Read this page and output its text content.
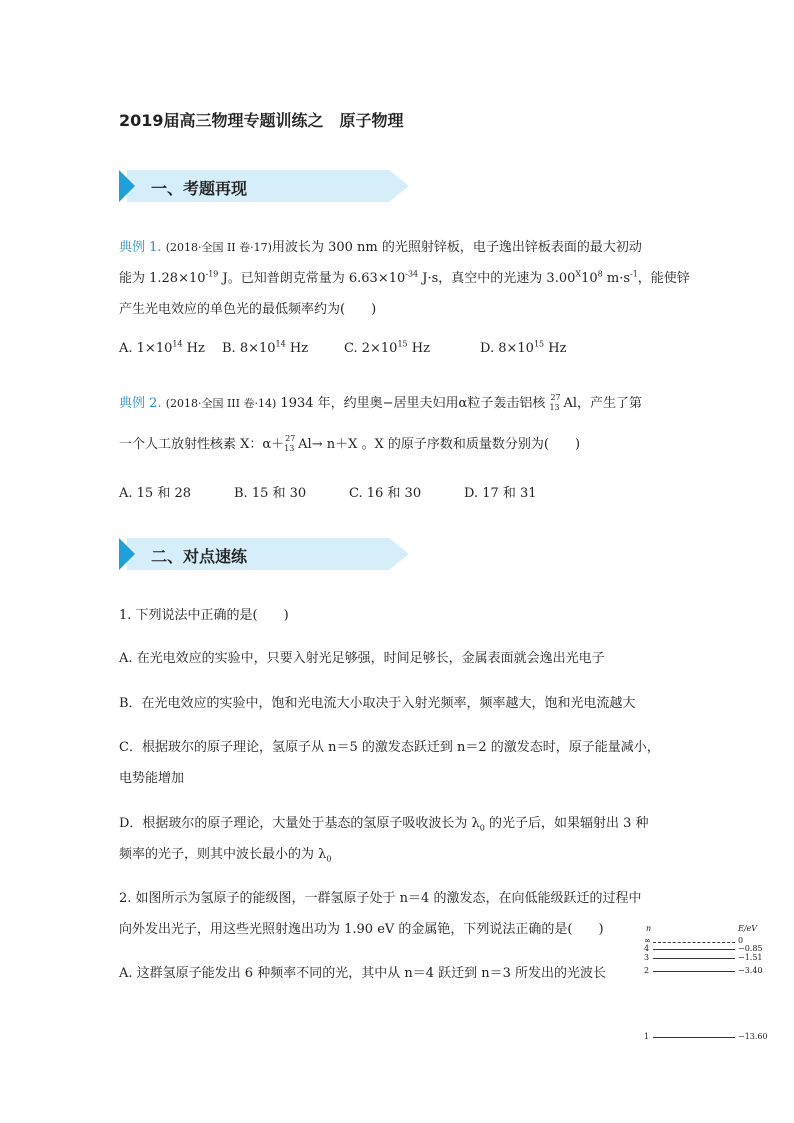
2019届高三物理专题训练之　原子物理
一、考题再现
典例 1. (2018·全国 II 卷·17)用波长为 300 nm 的光照射锌板，电子逸出锌板表面的最大初动
能为 $1.28\times 10^{-19}$ J。已知普朗克常量为 $6.63\times 10^{-34}$ J·s，真空中的光速为 $3.00^X10^8$ $m\cdot s^{-1}$，能使锌
产生光电效应的单色光的最低频率约为(　　)
A. $1\times 10^{14}$ Hz B. $8\times 10^{14}$ Hz	C. $2\times 10^{15}$ Hz	D. $8\times 10^{15}$ Hz
典例 2. (2018·全国 III 卷·14) 1934 年，约里奥−居里夫妇用α粒子轰击铝核 27
13 Al，产生了第
一个人工放射性核素 X：α＋ 27
13 Al→ n＋X 。X 的原子序数和质量数分别为(　　)
A. 15 和 28	B. 15 和 30	C. 16 和 30	D. 17 和 31
二、对点速练
1. 下列说法中正确的是(　　)
A. 在光电效应的实验中，只要入射光足够强，时间足够长，金属表面就会逸出光电子
B．在光电效应的实验中，饱和光电流大小取决于入射光频率，频率越大，饱和光电流越大
C．根据玻尔的原子理论，氢原子从 n＝5 的激发态跃迁到 n＝2 的激发态时，原子能量减小，
电势能增加
D．根据玻尔的原子理论，大量处于基态的氢原子吸收波长为 $\lambda_0$ 的光子后，如果辐射出 3 种
频率的光子，则其中波长最小的为 $\lambda_0$
2. 如图所示为氢原子的能级图，一群氢原子处于 n＝4 的激发态，在向低能级跃迁的过程中
向外发出光子，用这些光照射逸出功为 1.90 eV 的金属铯，下列说法正确的是(　　)
A. 这群氢原子能发出 6 种频率不同的光，其中从 n＝4 跃迁到 n＝3 所发出的光波长
n	E/eV
∞	0
4	−0.85
3	−1.51
2	−3.40
1	−13.60
